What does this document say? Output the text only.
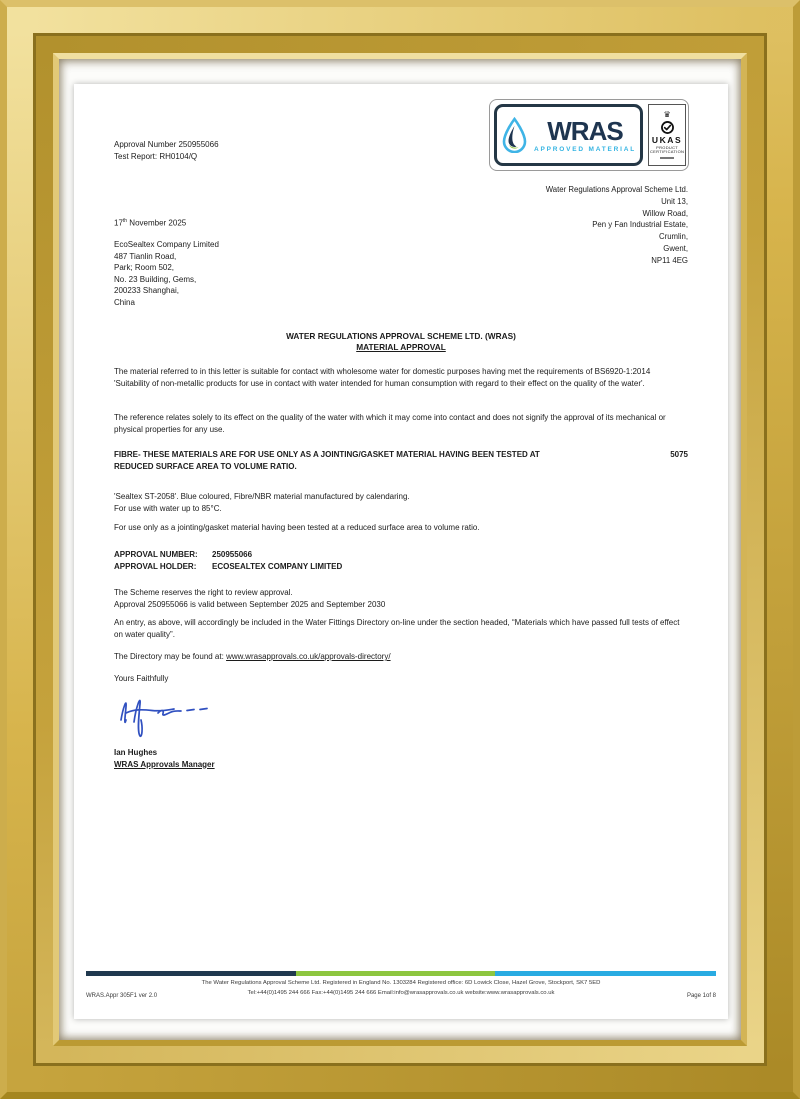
Approval Number 250955066
Test Report: RH0104/Q
WRAS
APPROVED MATERIAL
♛
UKAS
PRODUCT
CERTIFICATION
Water Regulations Approval Scheme Ltd.
Unit 13,
Willow Road,
Pen y Fan Industrial Estate,
Crumlin,
Gwent,
NP11 4EG
17th November 2025
EcoSealtex Company Limited
487 Tianlin Road,
Park; Room 502,
No. 23 Building, Gems,
200233 Shanghai,
China
WATER REGULATIONS APPROVAL SCHEME LTD. (WRAS)
MATERIAL APPROVAL
The material referred to in this letter is suitable for contact with wholesome water for domestic purposes having met the requirements of BS6920-1:2014 'Suitability of non-metallic products for use in contact with water intended for human consumption with regard to their effect on the quality of the water'.
The reference relates solely to its effect on the quality of the water with which it may come into contact and does not signify the approval of its mechanical or physical properties for any use.
5075
FIBRE- THESE MATERIALS ARE FOR USE ONLY AS A JOINTING/GASKET MATERIAL HAVING BEEN TESTED AT
REDUCED SURFACE AREA TO VOLUME RATIO.
'Sealtex ST-2058'. Blue coloured, Fibre/NBR material manufactured by calendaring.
For use with water up to 85°C.
For use only as a jointing/gasket material having been tested at a reduced surface area to volume ratio.
APPROVAL NUMBER: 250955066
APPROVAL HOLDER: ECOSEALTEX COMPANY LIMITED
The Scheme reserves the right to review approval.
Approval 250955066 is valid between September 2025 and September 2030
An entry, as above, will accordingly be included in the Water Fittings Directory on-line under the section headed, “Materials which have passed full tests of effect on water quality”.
The Directory may be found at: www.wrasapprovals.co.uk/approvals-directory/
Yours Faithfully
Ian Hughes
WRAS Approvals Manager
The Water Regulations Approval Scheme Ltd. Registered in England No. 1303284 Registered office: 6D Lowick Close, Hazel Grove, Stockport, SK7 5ED
WRAS.Appr 305F1 ver 2.0	Tel:+44(0)1495 244 666 Fax:+44(0)1495 244 666 Email:info@wrasapprovals.co.uk website:www.wrasapprovals.co.uk	Page 1of 8
